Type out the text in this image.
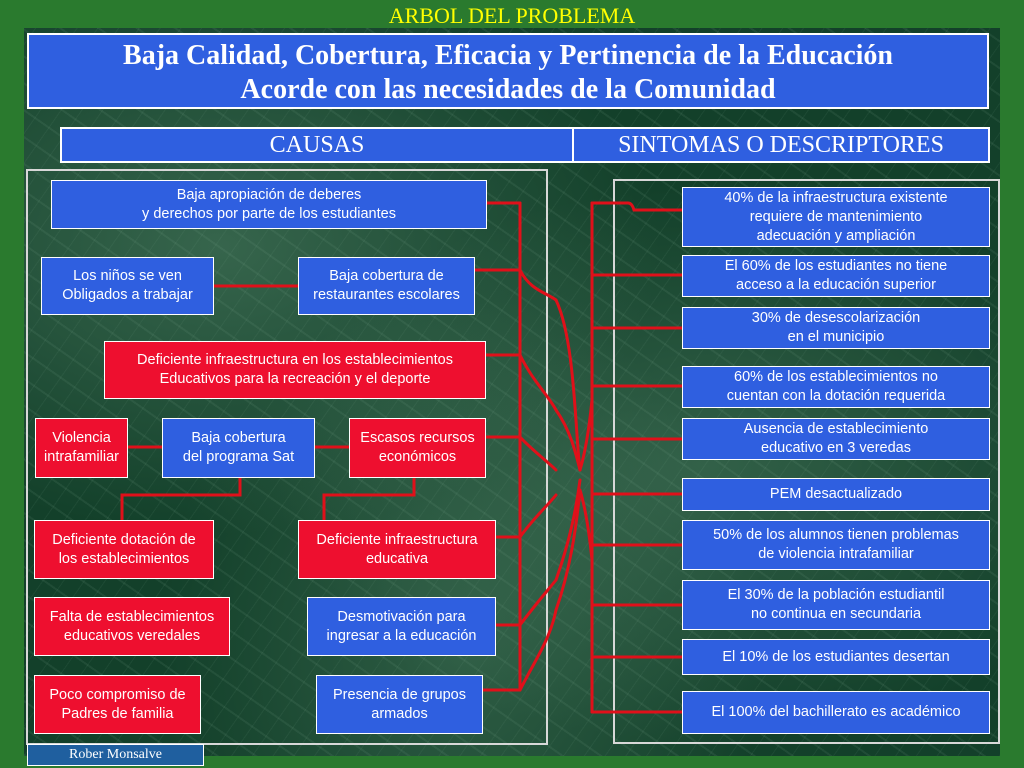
ARBOL DEL PROBLEMA
Baja Calidad, Cobertura, Eficacia y Pertinencia de la Educación
Acorde con las necesidades de la Comunidad
CAUSAS	SINTOMAS O DESCRIPTORES
Baja apropiación de deberes
y derechos por parte de los estudiantes
Los niños se ven
Obligados a trabajar
Baja cobertura de
restaurantes escolares
Deficiente infraestructura en los establecimientos
Educativos para la recreación y el deporte
Violencia
intrafamiliar
Baja cobertura
del programa Sat
Escasos recursos
económicos
Deficiente dotación de
los establecimientos
Deficiente infraestructura
educativa
Falta de establecimientos
educativos veredales
Desmotivación para
ingresar a la educación
Poco compromiso de
Padres de familia
Presencia de grupos
armados
40% de la infraestructura existente
requiere de mantenimiento
adecuación y ampliación
El 60% de los estudiantes no tiene
acceso a la educación superior
30% de desescolarización
en el municipio
60% de los establecimientos no
cuentan con la dotación requerida
Ausencia de establecimiento
educativo en 3 veredas
PEM desactualizado
50% de los alumnos tienen problemas
de violencia intrafamiliar
El 30% de la población estudiantil
no continua en secundaria
El 10% de los estudiantes desertan
El 100% del bachillerato es académico
Rober Monsalve
